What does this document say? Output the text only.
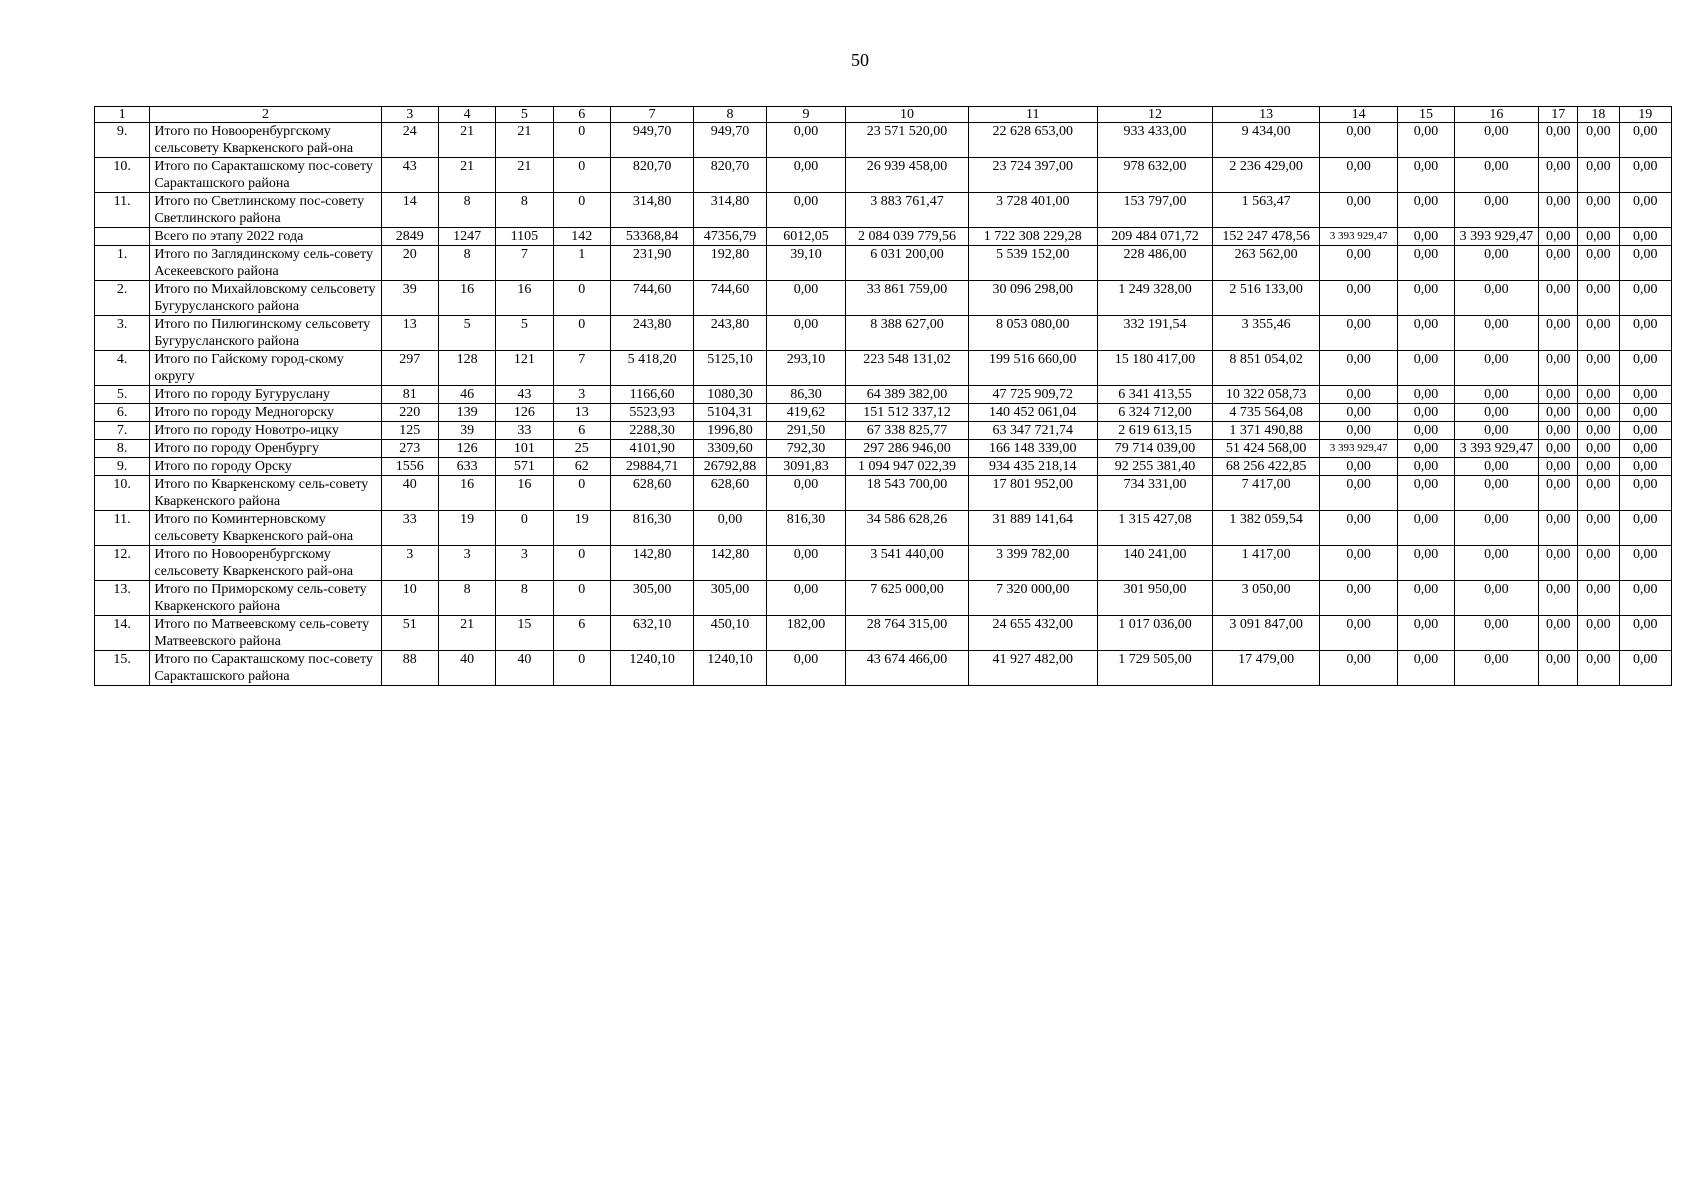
50
1	2	3	4	5	6	7	8	9	10	11	12	13	14	15	16	17	18	19
9.	Итого по Новооренбургскому сельсовету Кваркенского рай-она	24	21	21	0	949,70	949,70	0,00	23 571 520,00	22 628 653,00	933 433,00	9 434,00	0,00	0,00	0,00	0,00	0,00	0,00
10.	Итого по Саракташскому пос-совету Саракташского района	43	21	21	0	820,70	820,70	0,00	26 939 458,00	23 724 397,00	978 632,00	2 236 429,00	0,00	0,00	0,00	0,00	0,00	0,00
11.	Итого по Светлинскому пос-совету Светлинского района	14	8	8	0	314,80	314,80	0,00	3 883 761,47	3 728 401,00	153 797,00	1 563,47	0,00	0,00	0,00	0,00	0,00	0,00
	Всего по этапу 2022 года	2849	1247	1105	142	53368,84	47356,79	6012,05	2 084 039 779,56	1 722 308 229,28	209 484 071,72	152 247 478,56	3 393 929,47	0,00	3 393 929,47	0,00	0,00	0,00
1.	Итого по Заглядинскому сель-совету Асекеевского района	20	8	7	1	231,90	192,80	39,10	6 031 200,00	5 539 152,00	228 486,00	263 562,00	0,00	0,00	0,00	0,00	0,00	0,00
2.	Итого по Михайловскому сельсовету Бугурусланского района	39	16	16	0	744,60	744,60	0,00	33 861 759,00	30 096 298,00	1 249 328,00	2 516 133,00	0,00	0,00	0,00	0,00	0,00	0,00
3.	Итого по Пилюгинскому сельсовету Бугурусланского района	13	5	5	0	243,80	243,80	0,00	8 388 627,00	8 053 080,00	332 191,54	3 355,46	0,00	0,00	0,00	0,00	0,00	0,00
4.	Итого по Гайскому город-скому округу	297	128	121	7	5 418,20	5125,10	293,10	223 548 131,02	199 516 660,00	15 180 417,00	8 851 054,02	0,00	0,00	0,00	0,00	0,00	0,00
5.	Итого по городу Бугуруслану	81	46	43	3	1166,60	1080,30	86,30	64 389 382,00	47 725 909,72	6 341 413,55	10 322 058,73	0,00	0,00	0,00	0,00	0,00	0,00
6.	Итого по городу Медногорску	220	139	126	13	5523,93	5104,31	419,62	151 512 337,12	140 452 061,04	6 324 712,00	4 735 564,08	0,00	0,00	0,00	0,00	0,00	0,00
7.	Итого по городу Новотро-ицку	125	39	33	6	2288,30	1996,80	291,50	67 338 825,77	63 347 721,74	2 619 613,15	1 371 490,88	0,00	0,00	0,00	0,00	0,00	0,00
8.	Итого по городу Оренбургу	273	126	101	25	4101,90	3309,60	792,30	297 286 946,00	166 148 339,00	79 714 039,00	51 424 568,00	3 393 929,47	0,00	3 393 929,47	0,00	0,00	0,00
9.	Итого по городу Орску	1556	633	571	62	29884,71	26792,88	3091,83	1 094 947 022,39	934 435 218,14	92 255 381,40	68 256 422,85	0,00	0,00	0,00	0,00	0,00	0,00
10.	Итого по Кваркенскому сель-совету Кваркенского района	40	16	16	0	628,60	628,60	0,00	18 543 700,00	17 801 952,00	734 331,00	7 417,00	0,00	0,00	0,00	0,00	0,00	0,00
11.	Итого по Коминтерновскому сельсовету Кваркенского рай-она	33	19	0	19	816,30	0,00	816,30	34 586 628,26	31 889 141,64	1 315 427,08	1 382 059,54	0,00	0,00	0,00	0,00	0,00	0,00
12.	Итого по Новооренбургскому сельсовету Кваркенского рай-она	3	3	3	0	142,80	142,80	0,00	3 541 440,00	3 399 782,00	140 241,00	1 417,00	0,00	0,00	0,00	0,00	0,00	0,00
13.	Итого по Приморскому сель-совету Кваркенского района	10	8	8	0	305,00	305,00	0,00	7 625 000,00	7 320 000,00	301 950,00	3 050,00	0,00	0,00	0,00	0,00	0,00	0,00
14.	Итого по Матвеевскому сель-совету Матвеевского района	51	21	15	6	632,10	450,10	182,00	28 764 315,00	24 655 432,00	1 017 036,00	3 091 847,00	0,00	0,00	0,00	0,00	0,00	0,00
15.	Итого по Саракташскому пос-совету Саракташского района	88	40	40	0	1240,10	1240,10	0,00	43 674 466,00	41 927 482,00	1 729 505,00	17 479,00	0,00	0,00	0,00	0,00	0,00	0,00
